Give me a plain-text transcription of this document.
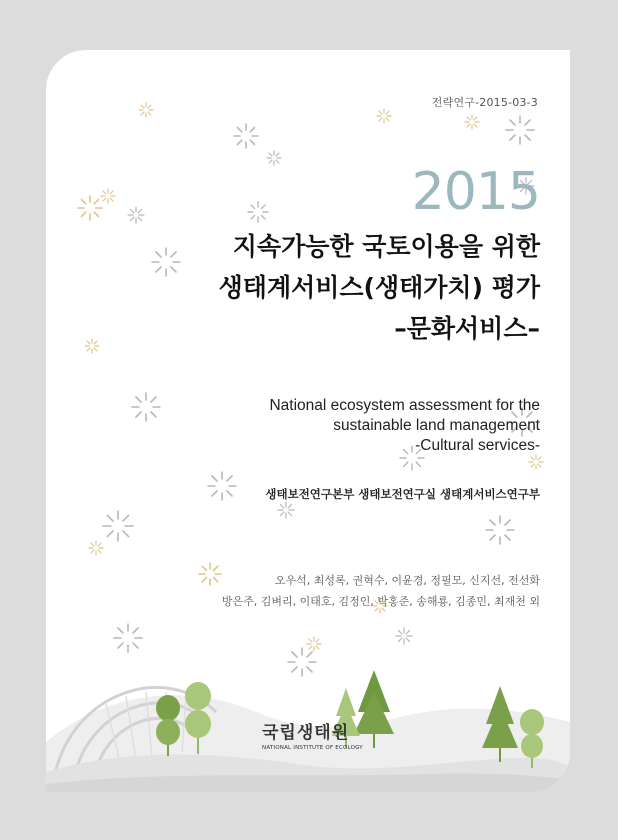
전략연구-2015-03-3
2015
지속가능한 국토이용을 위한
생태계서비스(생태가치) 평가
–문화서비스–
National ecosystem assessment for the
sustainable land management
-Cultural services-
생태보전연구본부 생태보전연구실 생태계서비스연구부
오우석, 최성록, 권혁수, 이윤경, 정필모, 신지선, 전선화
방은주, 김벼리, 이태호, 김정인, 박홍준, 송해룡, 김종민, 최재천 외
국립생태원
NATIONAL INSTITUTE OF ECOLOGY
